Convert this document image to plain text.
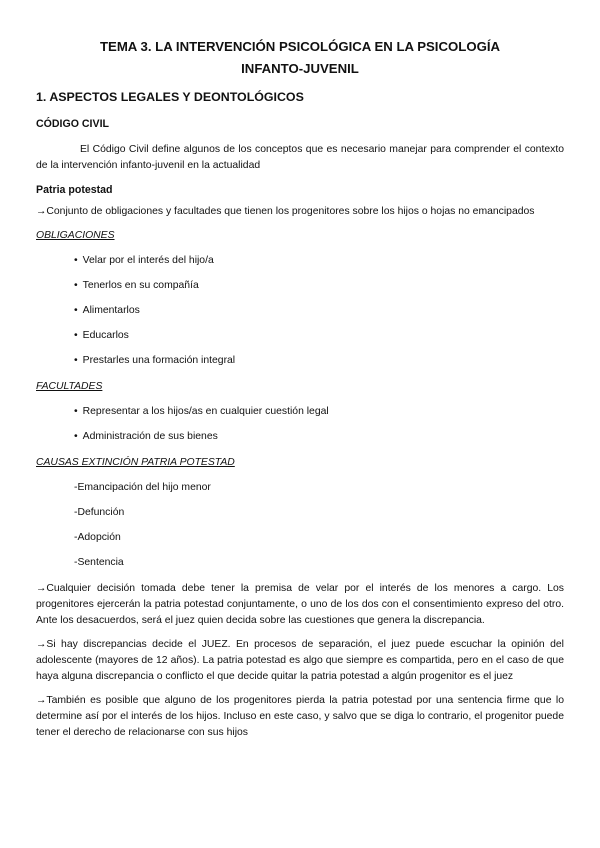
TEMA 3. LA INTERVENCIÓN PSICOLÓGICA EN LA PSICOLOGÍA INFANTO-JUVENIL
1. ASPECTOS LEGALES Y DEONTOLÓGICOS
CÓDIGO CIVIL

El Código Civil define algunos de los conceptos que es necesario manejar para comprender el contexto de la intervención infanto-juvenil en la actualidad

Patria potestad

→Conjunto de obligaciones y facultades que tienen los progenitores sobre los hijos o hojas no emancipados

OBLIGACIONES
• Velar por el interés del hijo/a
• Tenerlos en su compañía
• Alimentarlos
• Educarlos
• Prestarles una formación integral
FACULTADES
• Representar a los hijos/as en cualquier cuestión legal
• Administración de sus bienes
CAUSAS EXTINCIÓN PATRIA POTESTAD
-Emancipación del hijo menor
-Defunción
-Adopción
-Sentencia

→Cualquier decisión tomada debe tener la premisa de velar por el interés de los menores a cargo. Los progenitores ejercerán la patria potestad conjuntamente, o uno de los dos con el consentimiento expreso del otro. Ante los desacuerdos, será el juez quien decida sobre las cuestiones que genera la discrepancia.

→Si hay discrepancias decide el JUEZ. En procesos de separación, el juez puede escuchar la opinión del adolescente (mayores de 12 años). La patria potestad es algo que siempre es compartida, pero en el caso de que haya alguna discrepancia o conflicto el que decide quitar la patria potestad a algún progenitor es el juez

→También es posible que alguno de los progenitores pierda la patria potestad por una sentencia firme que lo determine así por el interés de los hijos. Incluso en este caso, y salvo que se diga lo contrario, el progenitor puede tener el derecho de relacionarse con sus hijos
